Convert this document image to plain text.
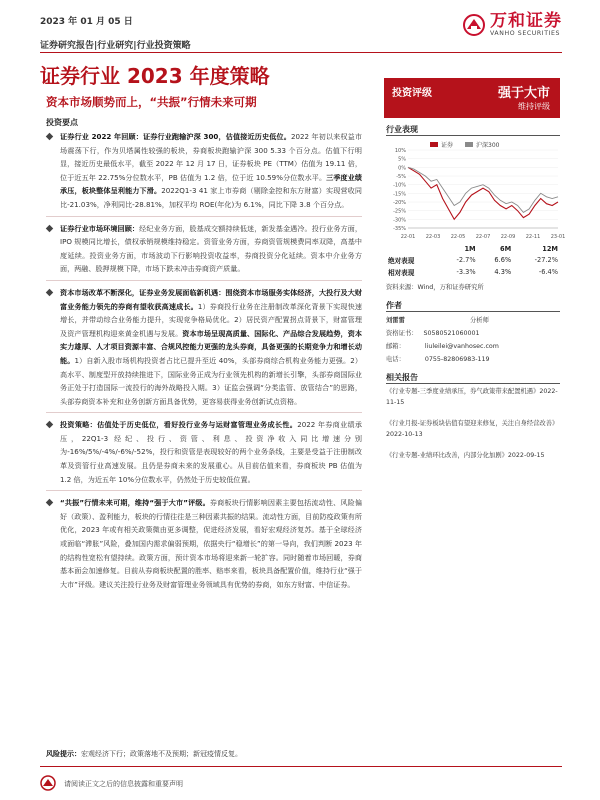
2023 年 01 月 05 日
证券研究报告|行业研究|行业投资策略
万和证券
VANHO SECURITIES
证券行业 2023 年度策略
资本市场顺势而上，“共振”行情未来可期
投资要点
证券行业 2022 年回顾：证券行业跑输沪深 300，估值接近历史低位。2022 年初以来权益市场震荡下行，作为贝塔属性较强的板块，券商板块跑输沪深 300 5.33 个百分点。估值下行明显，接近历史最低水平，截至 2022 年 12 月 17 日，证券板块 PE（TTM）估值为 19.11 倍，位于近五年 22.75%分位数水平，PB 估值为 1.2 倍，位于近 10.59%分位数水平。三季度业绩承压，板块整体呈利能力下滑。2022Q1-3 41 家上市券商（剔除金控和东方财富）实现营收同比-21.03%，净利同比-28.81%，加权平均 ROE(年化)为 6.1%，同比下降 3.8 个百分点。
证券行业市场环境回顾：经纪业务方面，股基成交额持续低迷，新发基金遇冷。投行业务方面，IPO 规模同比增长，债权承销规模维持稳定。资管业务方面，券商资管规模费同率双降，高基中度延续。投资业务方面，市场波动下行影响投资收益率，券商投资分化延续。资本中介业务方面，两融、股押规模下降，市场下跌未冲击券商资产质量。
资本市场改革不断深化，证券业务发展面临新机遇：围绕资本市场服务实体经济，大投行及大财富业务能力领先的券商有望收获高速成长。1）券商投行业务在注册制改革深化背景下实现快速增长，并带动综合业务能力提升，实现竞争格局优化。2）居民资产配置拐点背景下，财富管理及资产管理机构迎来黄金机遇与发展。资本市场呈现高质量、国际化、产品综合发展趋势，资本实力雄厚、人才项目资源丰富、合规风控能力更强的龙头券商，具备更强的长期竞争力和增长动能。1）自新入股市场机构投资者占比已提升至近 40%，头部券商综合机构业务能力更强。2）高水平、制度型开放持续推进下，国际业务正成为行业领先机构的新增长引擎，头部券商国际业务正处于打造国际一流投行的海外战略投入期。3）证监会强调“分类监管、放管结合”的思路，头部券商资本补充和业务创新方面具备优势，更容易获得业务创新试点资格。
投资策略：估值处于历史低位，看好投行业务与运财富管理业务成长性。2022 年券商业绩承压，22Q1-3 经纪、投行、资管、利息、投资净收入同比增速分别为-16%/5%/-4%/-6%/-52%，投行和资管是表现较好的两个业务条线，主要是受益于注册制改革及资管行业高速发展。且仍是券商未来的发展重心。从目前估值来看，券商板块 PB 估值为 1.2 倍，为近五年 10%分位数水平，仍然处于历史较低位置。
“共振”行情未来可期，维持“强于大市”评级。券商板块行情影响因素主要包括流动性、风险偏好（政策）、盈利能力，板块的行情往往是三种因素共振的结果。流动性方面，目前防疫政策有所优化，2023 年或有相关政策微由更多调整，促进经济发展，看好宏观经济复苏。基于全球经济或面临“滞胀”风险，叠加国内需求偏弱预期，依据央行“稳增长”的第一导向，我们判断 2023 年的结构性宽松有望持续。政策方面，预计资本市场将迎来新一轮扩容。同时随着市场回暖，券商基本面会加速修复。目前从券商板块配置的胜率、赔率来看，板块具备配置价值，维持行业“强于大市”评级。建议关注投行业务及财富管理业务领域具有优势的券商，如东方财富、中信证券。
投资评级	强于大市
维持评级
行业表现
证券	沪深300
10%
5%
0%
-5%
-10%
-15%
-20%
-25%
-30%
-35%
22-01 22-03 22-05 22-07 22-09 22-11 23-01
	1M	6M	12M
绝对表现	-2.7%	6.6%	-27.2%
相对表现	-3.3%	4.3%	-6.4%
资料来源：Wind，万和证券研究所
作者
刘雷雷	分析师
资格证书： S0580521060001
邮箱：	liuleilei@vanhosec.com
电话：	0755-82806983-119
相关报告
《行业专题-三季度业绩承压，券气政策带来配置机遇》2022-11-15
《行业月报-证券板块估值有望迎来修复，关注自身经营改善》2022-10-13
《行业专题-业绩环比改善，内部分化加剧》2022-09-15
风险提示：宏观经济下行；政策落地不及预期；新冠疫情反复。
请阅读正文之后的信息披露和重要声明
